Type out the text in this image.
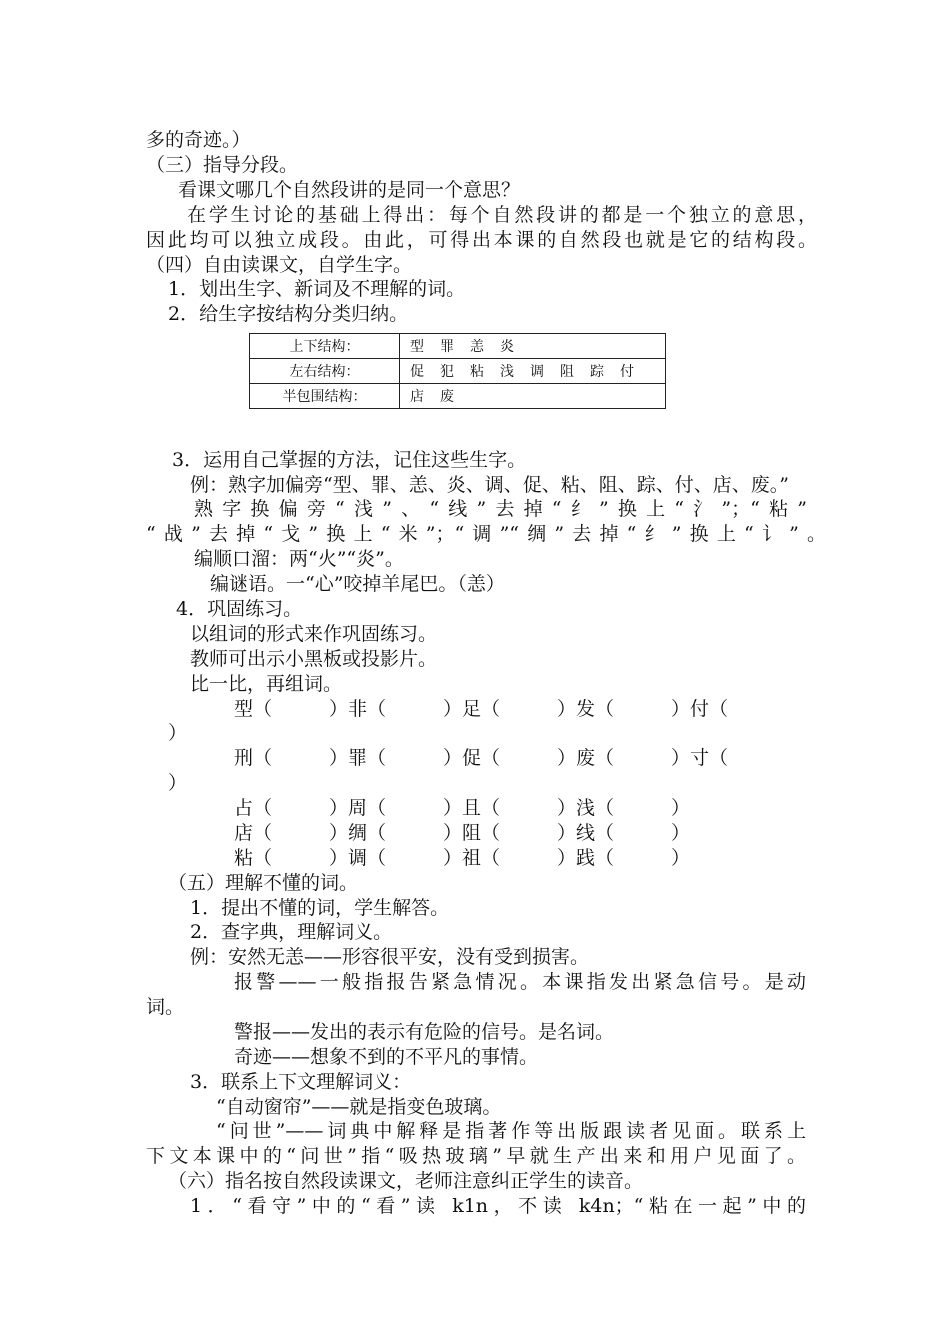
多的奇迹。）
（三）指导分段。
看课文哪几个自然段讲的是同一个意思？
在学生讨论的基础上得出：每个自然段讲的都是一个独立的意思，
因此均可以独立成段。由此，可得出本课的自然段也就是它的结构段。
（四）自由读课文，自学生字。
1．划出生字、新词及不理解的词。
2．给生字按结构分类归纳。
上下结构：	型 罪 恙 炎
左右结构：	促 犯 粘 浅 调 阻 踪 付
半包围结构：	店 废
3．运用自己掌握的方法，记住这些生字。
例：熟字加偏旁“型、罪、恙、炎、调、促、粘、阻、踪、付、店、废。”
熟字换偏旁“浅”、“线”去掉“纟”换上“氵”；“粘”
“战”去掉“戈”换上“米”；“调”“绸”去掉“纟”换上“讠”。
编顺口溜：两“火”“炎”。
编谜语。一“心”咬掉羊尾巴。（恙）
4．巩固练习。
以组词的形式来作巩固练习。
教师可出示小黑板或投影片。
比一比，再组词。
型（　　　）非（　　　）足（　　　）发（　　　）付（
）
刑（　　　）罪（　　　）促（　　　）废（　　　）寸（
）
占（　　　）周（　　　）且（　　　）浅（　　　）
店（　　　）绸（　　　）阻（　　　）线（　　　）
粘（　　　）调（　　　）祖（　　　）践（　　　）
（五）理解不懂的词。
1．提出不懂的词，学生解答。
2．查字典，理解词义。
例：安然无恙——形容很平安，没有受到损害。
报警——一般指报告紧急情况。本课指发出紧急信号。是动
词。
警报——发出的表示有危险的信号。是名词。
奇迹——想象不到的不平凡的事情。
3．联系上下文理解词义：
“自动窗帘”——就是指变色玻璃。
“问世”——词典中解释是指著作等出版跟读者见面。联系上
下文本课中的“问世”指“吸热玻璃”早就生产出来和用户见面了。
（六）指名按自然段读课文，老师注意纠正学生的读音。
1．“看守”中的“看”读 k1n，不读 k4n；“粘在一起”中的
